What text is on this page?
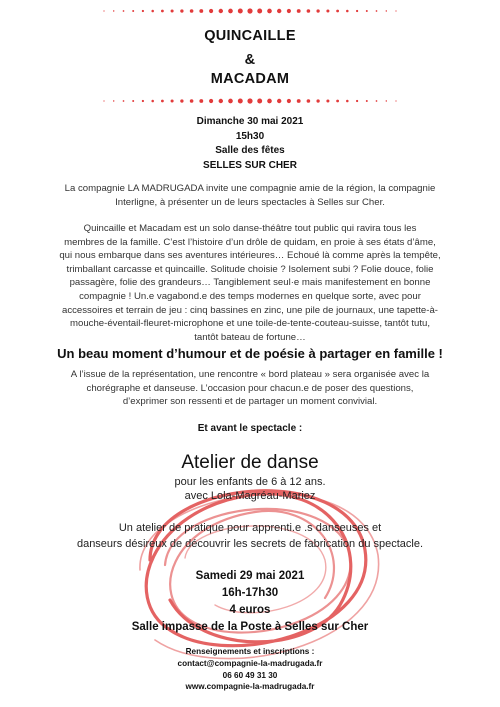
QUINCAILLE
&
MACADAM
Dimanche 30 mai 2021
15h30
Salle des fêtes
SELLES SUR CHER
La compagnie LA MADRUGADA invite une compagnie amie de la région, la compagnie
Interligne, à présenter un de leurs spectacles à Selles sur Cher.
Quincaille et Macadam est un solo danse-théâtre tout public qui ravira tous les
membres de la famille. C’est l’histoire d’un drôle de quidam, en proie à ses états d’âme,
qui nous embarque dans ses aventures intérieures… Echoué là comme après la tempête,
trimballant carcasse et quincaille. Solitude choisie ? Isolement subi ? Folie douce, folie
passagère, folie des grandeurs… Tangiblement seul·e mais manifestement en bonne
compagnie ! Un.e vagabond.e des temps modernes en quelque sorte, avec pour
accessoires et terrain de jeu : cinq bassines en zinc, une pile de journaux, une tapette-à-
mouche-éventail-fleuret-microphone et une toile-de-tente-couteau-suisse, tantôt tutu,
tantôt bateau de fortune…
Un beau moment d’humour et de poésie à partager en famille !
A l’issue de la représentation, une rencontre « bord plateau » sera organisée avec la
chorégraphe et danseuse. L’occasion pour chacun.e de poser des questions,
d’exprimer son ressenti et de partager un moment convivial.
Et avant le spectacle :
Atelier de danse
pour les enfants de 6 à 12 ans.
avec Lola-Magréau-Mariez
Un atelier de pratique pour apprenti.e .s danseuses et
danseurs désireux de découvrir les secrets de fabrication du spectacle.
Samedi 29 mai 2021
16h-17h30
4 euros
Salle impasse de la Poste à Selles sur Cher
Renseignements et inscriptions :
contact@compagnie-la-madrugada.fr
06 60 49 31 30
www.compagnie-la-madrugada.fr
